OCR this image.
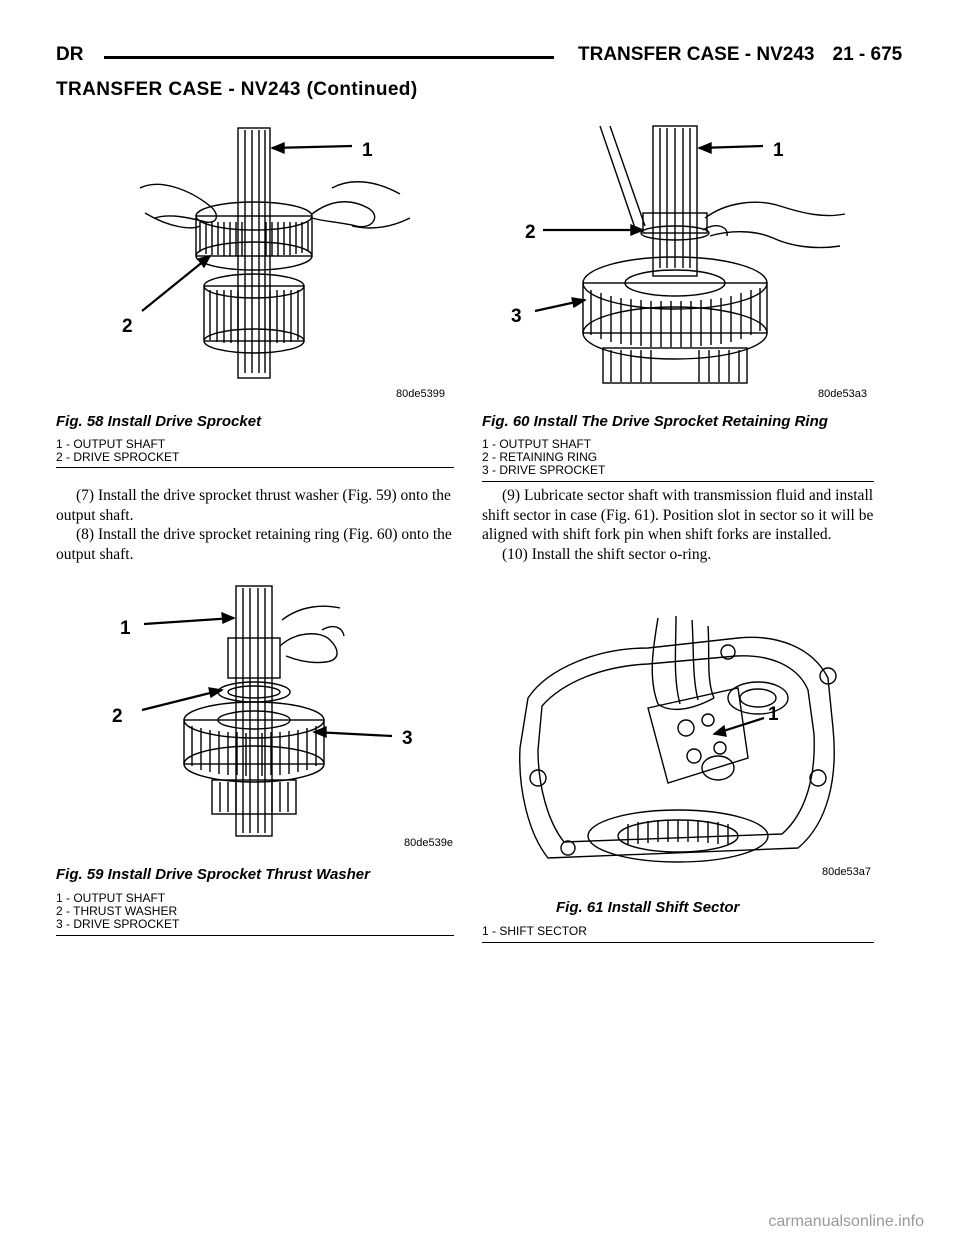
DR	TRANSFER CASE - NV243 21 - 675
TRANSFER CASE - NV243 (Continued)
1
2
80de5399
Fig. 58 Install Drive Sprocket
1 - OUTPUT SHAFT
2 - DRIVE SPROCKET
1
2
3
80de53a3
Fig. 60 Install The Drive Sprocket Retaining Ring
1 - OUTPUT SHAFT
2 - RETAINING RING
3 - DRIVE SPROCKET

(7) Install the drive sprocket thrust washer (Fig. 59) onto the output shaft.

(8) Install the drive sprocket retaining ring (Fig. 60) onto the output shaft.

(9) Lubricate sector shaft with transmission fluid and install shift sector in case (Fig. 61). Position slot in sector so it will be aligned with shift fork pin when shift forks are installed.

(10) Install the shift sector o-ring.

1
2
3
80de539e
Fig. 59 Install Drive Sprocket Thrust Washer
1 - OUTPUT SHAFT
2 - THRUST WASHER
3 - DRIVE SPROCKET
1
80de53a7
Fig. 61 Install Shift Sector
1 - SHIFT SECTOR
carmanualsonline.info
